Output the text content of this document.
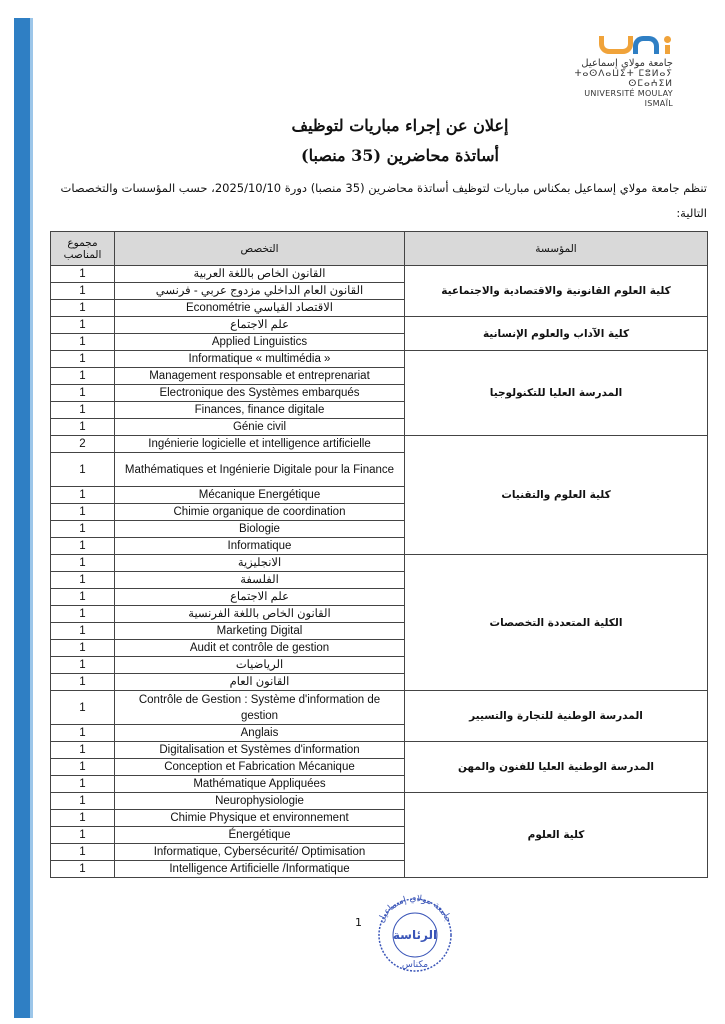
جامعة مولاي إسماعيل
ⵜⴰⵙⴷⴰⵡⵉⵜ ⵎⵓⵍⴰⵢ ⵙⵎⴰⵄⵉⵍ
UNIVERSITÉ MOULAY ISMAÏL
إعلان عن إجراء مباريات لتوظيف
أساتذة محاضرين (35 منصبا)
تنظم جامعة مولاي إسماعيل بمكناس مباريات لتوظيف أساتذة محاضرين (35 منصبا) دورة 2025/10/10، حسب المؤسسات والتخصصات التالية:
مجموع المناصب	التخصص	المؤسسة
1	القانون الخاص باللغة العربية	كلية العلوم القانونية والاقتصادية والاجتماعية
1	القانون العام الداخلي مزدوج عربي - فرنسي	
1	الاقتصاد القياسي Econométrie	
1	علم الاجتماع	كلية الآداب والعلوم الإنسانية
1	Applied Linguistics	
1	Informatique « multimédia »	المدرسة العليا للتكنولوجيا
1	Management responsable et entreprenariat	
1	Electronique des Systèmes embarqués	
1	Finances, finance digitale	
1	Génie civil	
2	Ingénierie logicielle et intelligence artificielle	كلية العلوم والتقنيات
1	Mathématiques et Ingénierie Digitale pour la Finance	
1	Mécanique Energétique	
1	Chimie organique de coordination	
1	Biologie	
1	Informatique	
1	الانجليزية	الكلية المتعددة التخصصات
1	الفلسفة	
1	علم الاجتماع	
1	القانون الخاص باللغة الفرنسية	
1	Marketing Digital	
1	Audit et contrôle de gestion	
1	الرياضيات	
1	القانون العام	
1	Contrôle de Gestion : Système d'information de gestion	المدرسة الوطنية للتجارة والتسيير
1	Anglais	
1	Digitalisation et Systèmes d'information	المدرسة الوطنية العليا للفنون والمهن
1	Conception et Fabrication Mécanique	
1	Mathématique Appliquées	
1	Neurophysiologie	كلية العلوم
1	Chimie Physique et environnement	
1	Énergétique	
1	Informatique, Cybersécurité/ Optimisation	
1	Intelligence Artificielle /Informatique	
1 جامعة مولاي إسماعيل
الرئاسة
مكناس
